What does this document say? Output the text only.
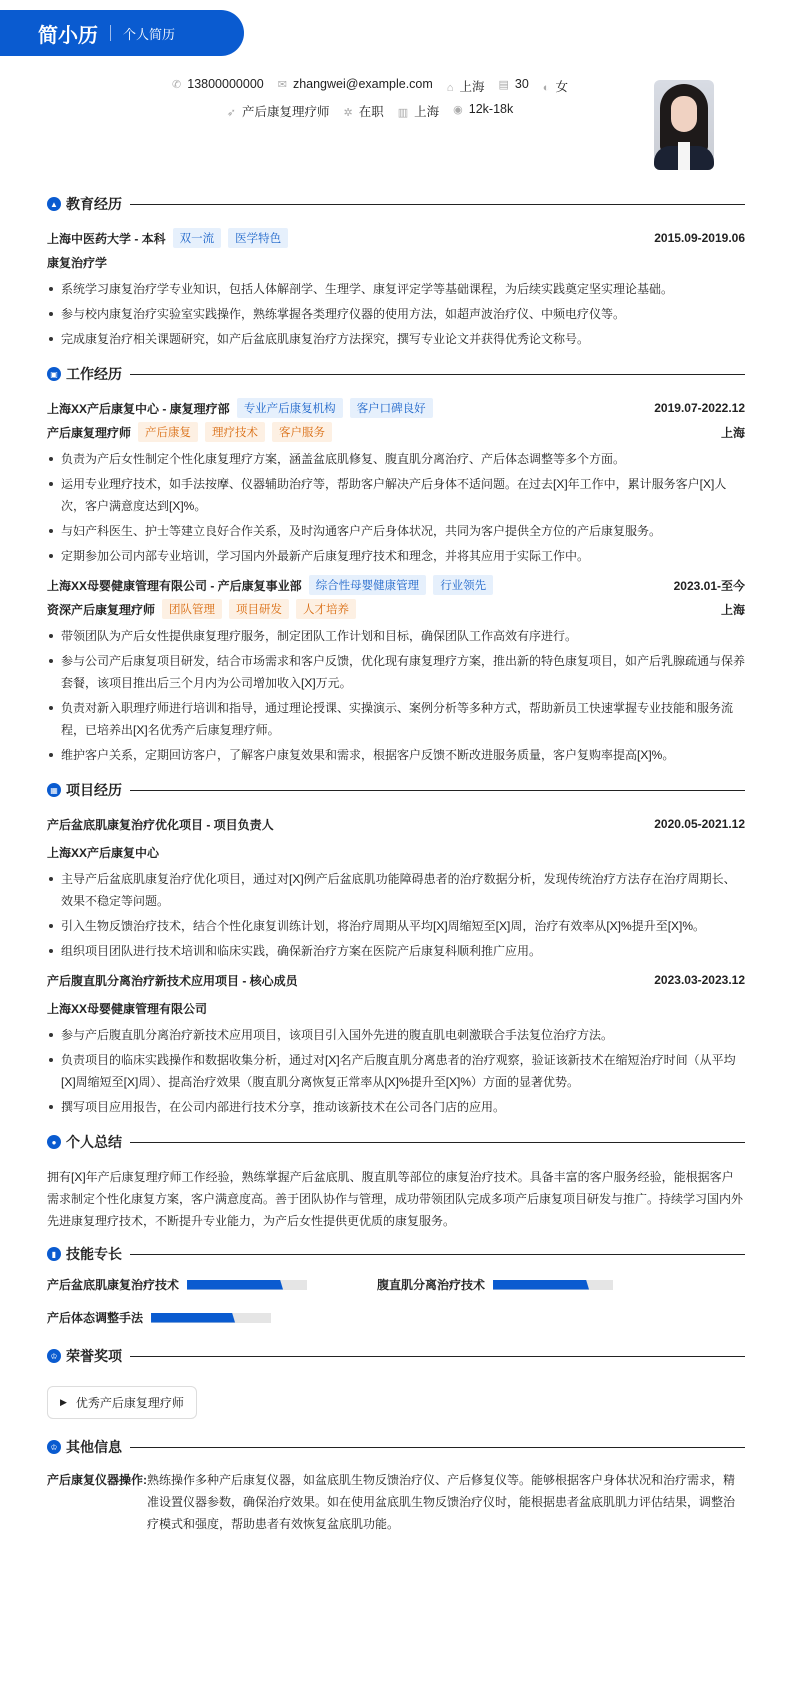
简小历 个人简历
✆ 13800000000 ✉ zhangwei@example.com ⌂ 上海 ▤ 30 ◐ 女
➶ 产后康复理疗师 ✲ 在职 ▥ 上海 ◉ 12k-18k
▲ 教育经历
上海中医药大学 - 本科	双一流	医学特色	2015.09-2019.06
康复治疗学
系统学习康复治疗学专业知识，包括人体解剖学、生理学、康复评定学等基础课程，为后续实践奠定坚实理论基础。
参与校内康复治疗实验室实践操作，熟练掌握各类理疗仪器的使用方法，如超声波治疗仪、中频电疗仪等。
完成康复治疗相关课题研究，如产后盆底肌康复治疗方法探究，撰写专业论文并获得优秀论文称号。
▣ 工作经历
上海XX产后康复中心 - 康复理疗部	专业产后康复机构	客户口碑良好	2019.07-2022.12
产后康复理疗师	产后康复	理疗技术	客户服务	上海
负责为产后女性制定个性化康复理疗方案，涵盖盆底肌修复、腹直肌分离治疗、产后体态调整等多个方面。
运用专业理疗技术，如手法按摩、仪器辅助治疗等，帮助客户解决产后身体不适问题。在过去[X]年工作中，累计服务客户[X]人次，客户满意度达到[X]%。
与妇产科医生、护士等建立良好合作关系，及时沟通客户产后身体状况，共同为客户提供全方位的产后康复服务。
定期参加公司内部专业培训，学习国内外最新产后康复理疗技术和理念，并将其应用于实际工作中。
上海XX母婴健康管理有限公司 - 产后康复事业部	综合性母婴健康管理	行业领先	2023.01-至今
资深产后康复理疗师	团队管理	项目研发	人才培养	上海
带领团队为产后女性提供康复理疗服务，制定团队工作计划和目标，确保团队工作高效有序进行。
参与公司产后康复项目研发，结合市场需求和客户反馈，优化现有康复理疗方案，推出新的特色康复项目，如产后乳腺疏通与保养套餐，该项目推出后三个月内为公司增加收入[X]万元。
负责对新入职理疗师进行培训和指导，通过理论授课、实操演示、案例分析等多种方式，帮助新员工快速掌握专业技能和服务流程，已培养出[X]名优秀产后康复理疗师。
维护客户关系，定期回访客户，了解客户康复效果和需求，根据客户反馈不断改进服务质量，客户复购率提高[X]%。
▦ 项目经历
产后盆底肌康复治疗优化项目 - 项目负责人	2020.05-2021.12
上海XX产后康复中心
主导产后盆底肌康复治疗优化项目，通过对[X]例产后盆底肌功能障碍患者的治疗数据分析，发现传统治疗方法存在治疗周期长、效果不稳定等问题。
引入生物反馈治疗技术，结合个性化康复训练计划，将治疗周期从平均[X]周缩短至[X]周，治疗有效率从[X]%提升至[X]%。
组织项目团队进行技术培训和临床实践，确保新治疗方案在医院产后康复科顺利推广应用。
产后腹直肌分离治疗新技术应用项目 - 核心成员	2023.03-2023.12
上海XX母婴健康管理有限公司
参与产后腹直肌分离治疗新技术应用项目，该项目引入国外先进的腹直肌电刺激联合手法复位治疗方法。
负责项目的临床实践操作和数据收集分析，通过对[X]名产后腹直肌分离患者的治疗观察，验证该新技术在缩短治疗时间（从平均[X]周缩短至[X]周）、提高治疗效果（腹直肌分离恢复正常率从[X]%提升至[X]%）方面的显著优势。
撰写项目应用报告，在公司内部进行技术分享，推动该新技术在公司各门店的应用。
● 个人总结

拥有[X]年产后康复理疗师工作经验，熟练掌握产后盆底肌、腹直肌等部位的康复治疗技术。具备丰富的客户服务经验，能根据客户需求制定个性化康复方案，客户满意度高。善于团队协作与管理，成功带领团队完成多项产后康复项目研发与推广。持续学习国内外先进康复理疗技术，不断提升专业能力，为产后女性提供更优质的康复服务。

▮ 技能专长
产后盆底肌康复治疗技术	腹直肌分离治疗技术
产后体态调整手法
♔ 荣誉奖项
▶ 优秀产后康复理疗师
♔ 其他信息
产后康复仪器操作: 熟练操作多种产后康复仪器，如盆底肌生物反馈治疗仪、产后修复仪等。能够根据客户身体状况和治疗需求，精准设置仪器参数，确保治疗效果。如在使用盆底肌生物反馈治疗仪时，能根据患者盆底肌肌力评估结果，调整治疗模式和强度，帮助患者有效恢复盆底肌功能。
